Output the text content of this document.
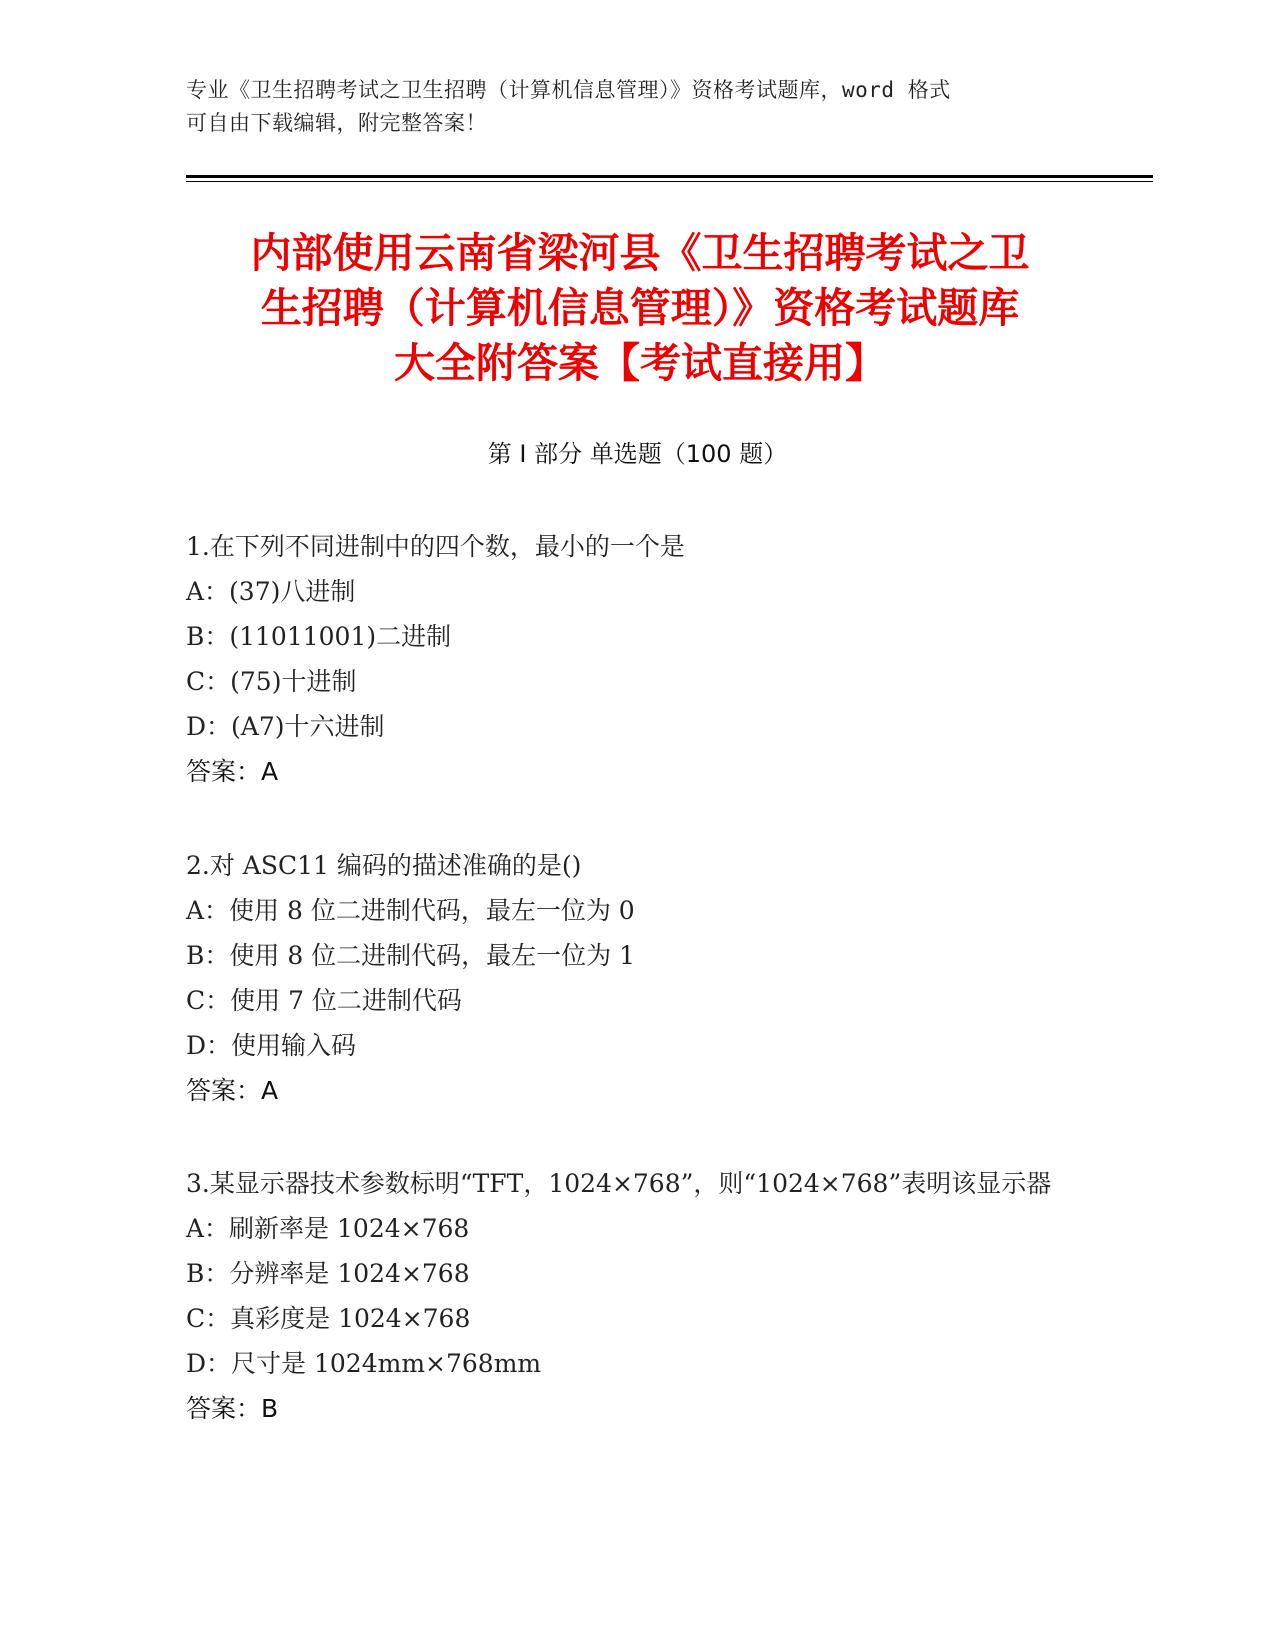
专业《卫生招聘考试之卫生招聘（计算机信息管理）》资格考试题库，word 格式
可自由下载编辑，附完整答案！
内部使用云南省梁河县《卫生招聘考试之卫
生招聘（计算机信息管理）》资格考试题库
大全附答案【考试直接用】
第 I 部分 单选题（100 题）
1.在下列不同进制中的四个数，最小的一个是
A：(37)八进制
B：(11011001)二进制
C：(75)十进制
D：(A7)十六进制
答案：A
2.对 ASC11 编码的描述准确的是()
A：使用 8 位二进制代码，最左一位为 0
B：使用 8 位二进制代码，最左一位为 1
C：使用 7 位二进制代码
D：使用输入码
答案：A
3.某显示器技术参数标明“TFT，1024×768”，则“1024×768”表明该显示器
A：刷新率是 1024×768
B：分辨率是 1024×768
C：真彩度是 1024×768
D：尺寸是 1024mm×768mm
答案：B
